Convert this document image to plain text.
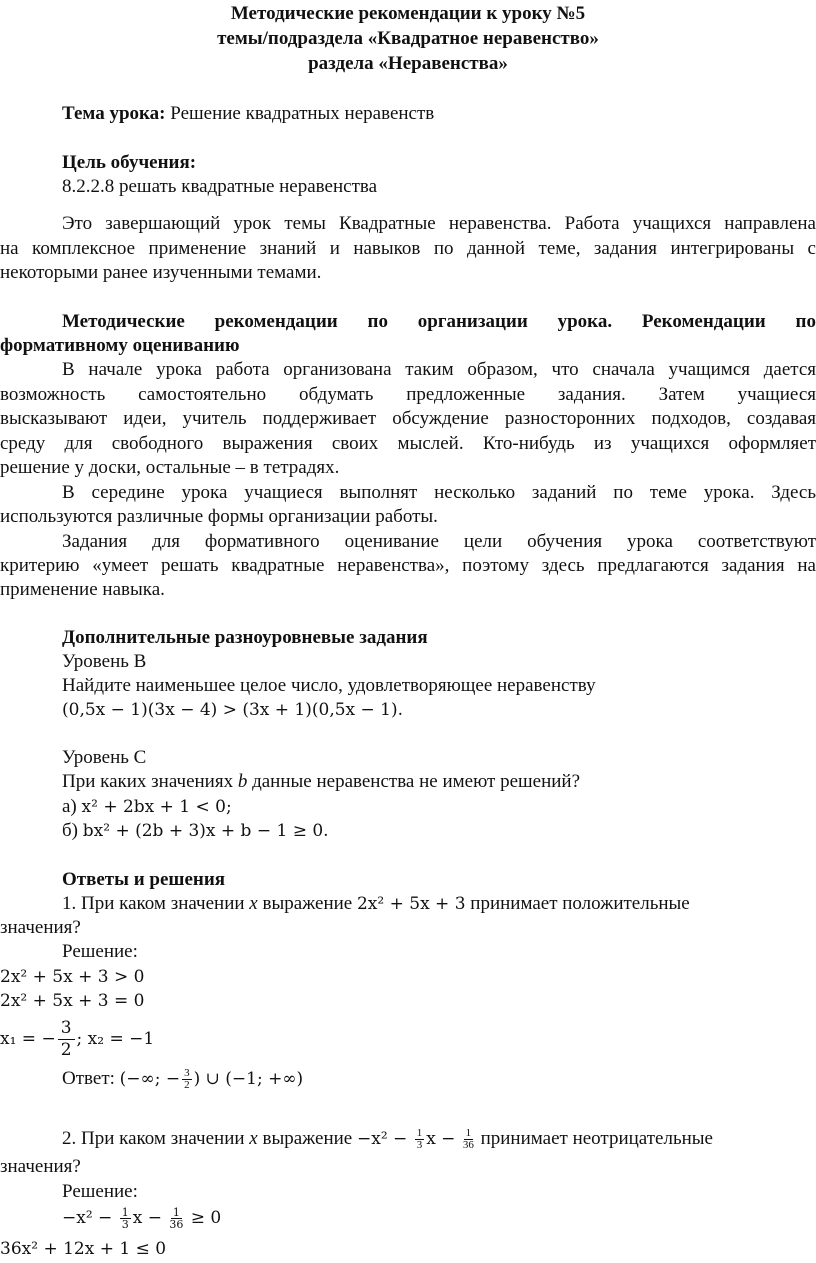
Методические рекомендации к уроку №5
темы/подраздела «Квадратное неравенство»
раздела «Неравенства»
Тема урока: Решение квадратных неравенств
Цель обучения:
8.2.2.8 решать квадратные неравенства
Это завершающий урок темы Квадратные неравенства. Работа учащихся направлена
на комплексное применение знаний и навыков по данной теме, задания интегрированы с
некоторыми ранее изученными темами.
Методические рекомендации по организации урока. Рекомендации по
формативному оцениванию
В начале урока работа организована таким образом, что сначала учащимся дается
возможность самостоятельно обдумать предложенные задания. Затем учащиеся
высказывают идеи, учитель поддерживает обсуждение разносторонних подходов, создавая
среду для свободного выражения своих мыслей. Кто-нибудь из учащихся оформляет
решение у доски, остальные – в тетрадях.
В середине урока учащиеся выполнят несколько заданий по теме урока. Здесь
используются различные формы организации работы.
Задания для формативного оценивание цели обучения урока соответствуют
критерию «умеет решать квадратные неравенства», поэтому здесь предлагаются задания на
применение навыка.
Дополнительные разноуровневые задания
Уровень B
Найдите наименьшее целое число, удовлетворяющее неравенству
(0,5x − 1)(3x − 4) > (3x + 1)(0,5x − 1).
Уровень C
При каких значениях b данные неравенства не имеют решений?
а) x² + 2bx + 1 < 0;
б) bx² + (2b + 3)x + b − 1 ≥ 0.
Ответы и решения
1. При каком значении x выражение 2x² + 5x + 3 принимает положительные
значения?
Решение:
2x² + 5x + 3 > 0
2x² + 5x + 3 = 0
x₁ = − $\frac{3}{2}$ ; x₂ = −1
Ответ: (−∞; − $\frac{3}{2}$ ) ∪ (−1; +∞)
2. При каком значении x выражение $-x^2 - \frac{1}{3}$ $x - \frac{1}{36}$ принимает неотрицательные
значения?
Решение:
$-x^2 - \frac{1}{3}$ $x - \frac{1}{36} \ge 0$
36x² + 12x + 1 ≤ 0
